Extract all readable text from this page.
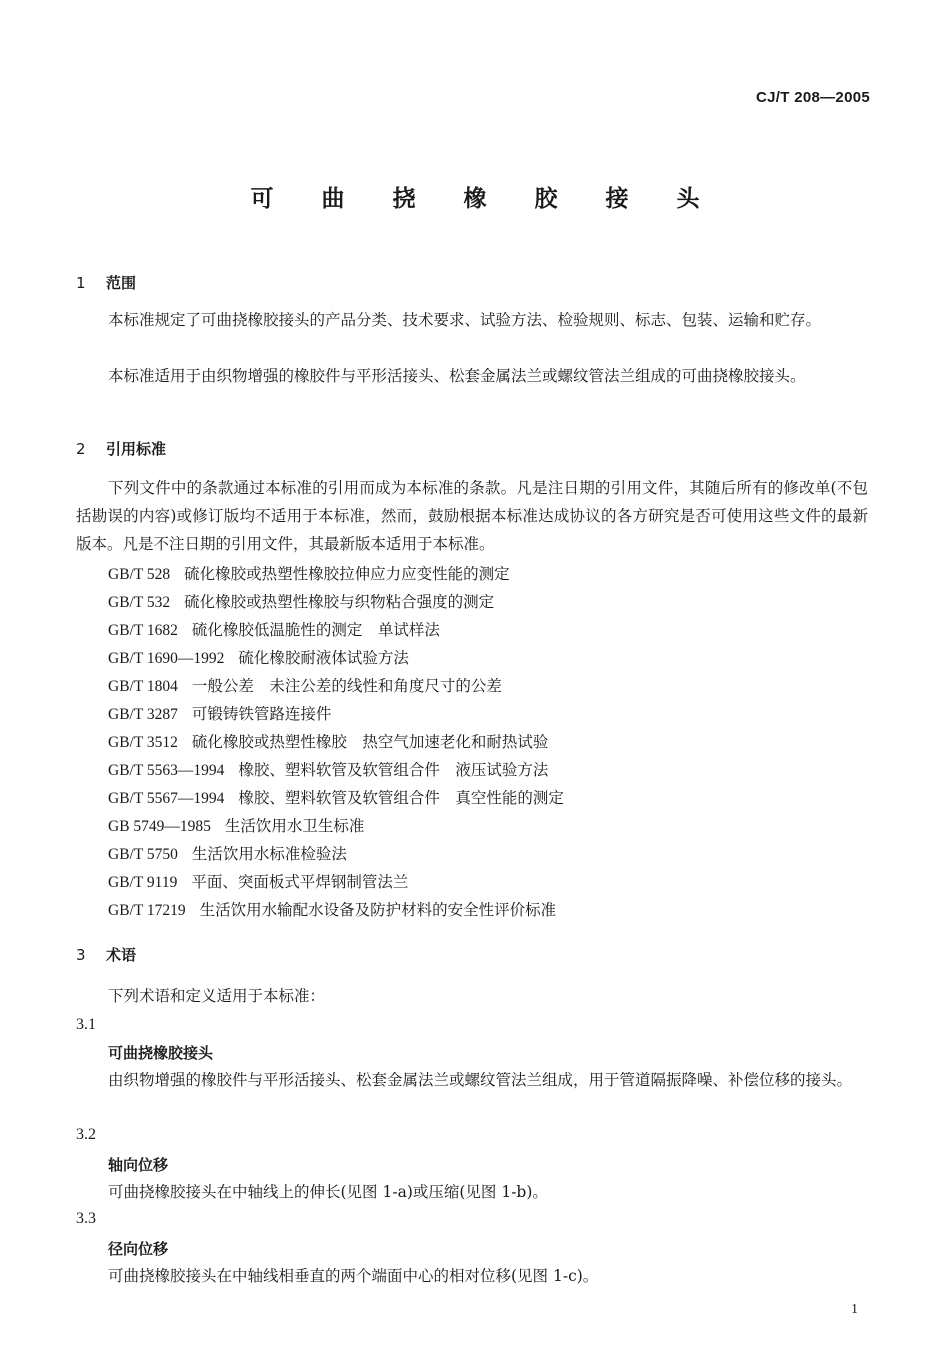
CJ/T 208—2005
可 曲 挠 橡 胶 接 头
1 范围
本标准规定了可曲挠橡胶接头的产品分类、技术要求、试验方法、检验规则、标志、包装、运输和贮存。
本标准适用于由织物增强的橡胶件与平形活接头、松套金属法兰或螺纹管法兰组成的可曲挠橡胶接头。
2 引用标准
下列文件中的条款通过本标准的引用而成为本标准的条款。凡是注日期的引用文件，其随后所有的修改单(不包括勘误的内容)或修订版均不适用于本标准，然而，鼓励根据本标准达成协议的各方研究是否可使用这些文件的最新版本。凡是不注日期的引用文件，其最新版本适用于本标准。
GB/T 528 硫化橡胶或热塑性橡胶拉伸应力应变性能的测定
GB/T 532 硫化橡胶或热塑性橡胶与织物粘合强度的测定
GB/T 1682 硫化橡胶低温脆性的测定　单试样法
GB/T 1690—1992 硫化橡胶耐液体试验方法
GB/T 1804 一般公差　未注公差的线性和角度尺寸的公差
GB/T 3287 可锻铸铁管路连接件
GB/T 3512 硫化橡胶或热塑性橡胶　热空气加速老化和耐热试验
GB/T 5563—1994 橡胶、塑料软管及软管组合件　液压试验方法
GB/T 5567—1994 橡胶、塑料软管及软管组合件　真空性能的测定
GB 5749—1985 生活饮用水卫生标准
GB/T 5750 生活饮用水标准检验法
GB/T 9119 平面、突面板式平焊钢制管法兰
GB/T 17219 生活饮用水输配水设备及防护材料的安全性评价标准
3 术语
下列术语和定义适用于本标准：
3.1
可曲挠橡胶接头
由织物增强的橡胶件与平形活接头、松套金属法兰或螺纹管法兰组成，用于管道隔振降噪、补偿位移的接头。
3.2
轴向位移
可曲挠橡胶接头在中轴线上的伸长(见图 1-a)或压缩(见图 1-b)。
3.3
径向位移
可曲挠橡胶接头在中轴线相垂直的两个端面中心的相对位移(见图 1-c)。
1
